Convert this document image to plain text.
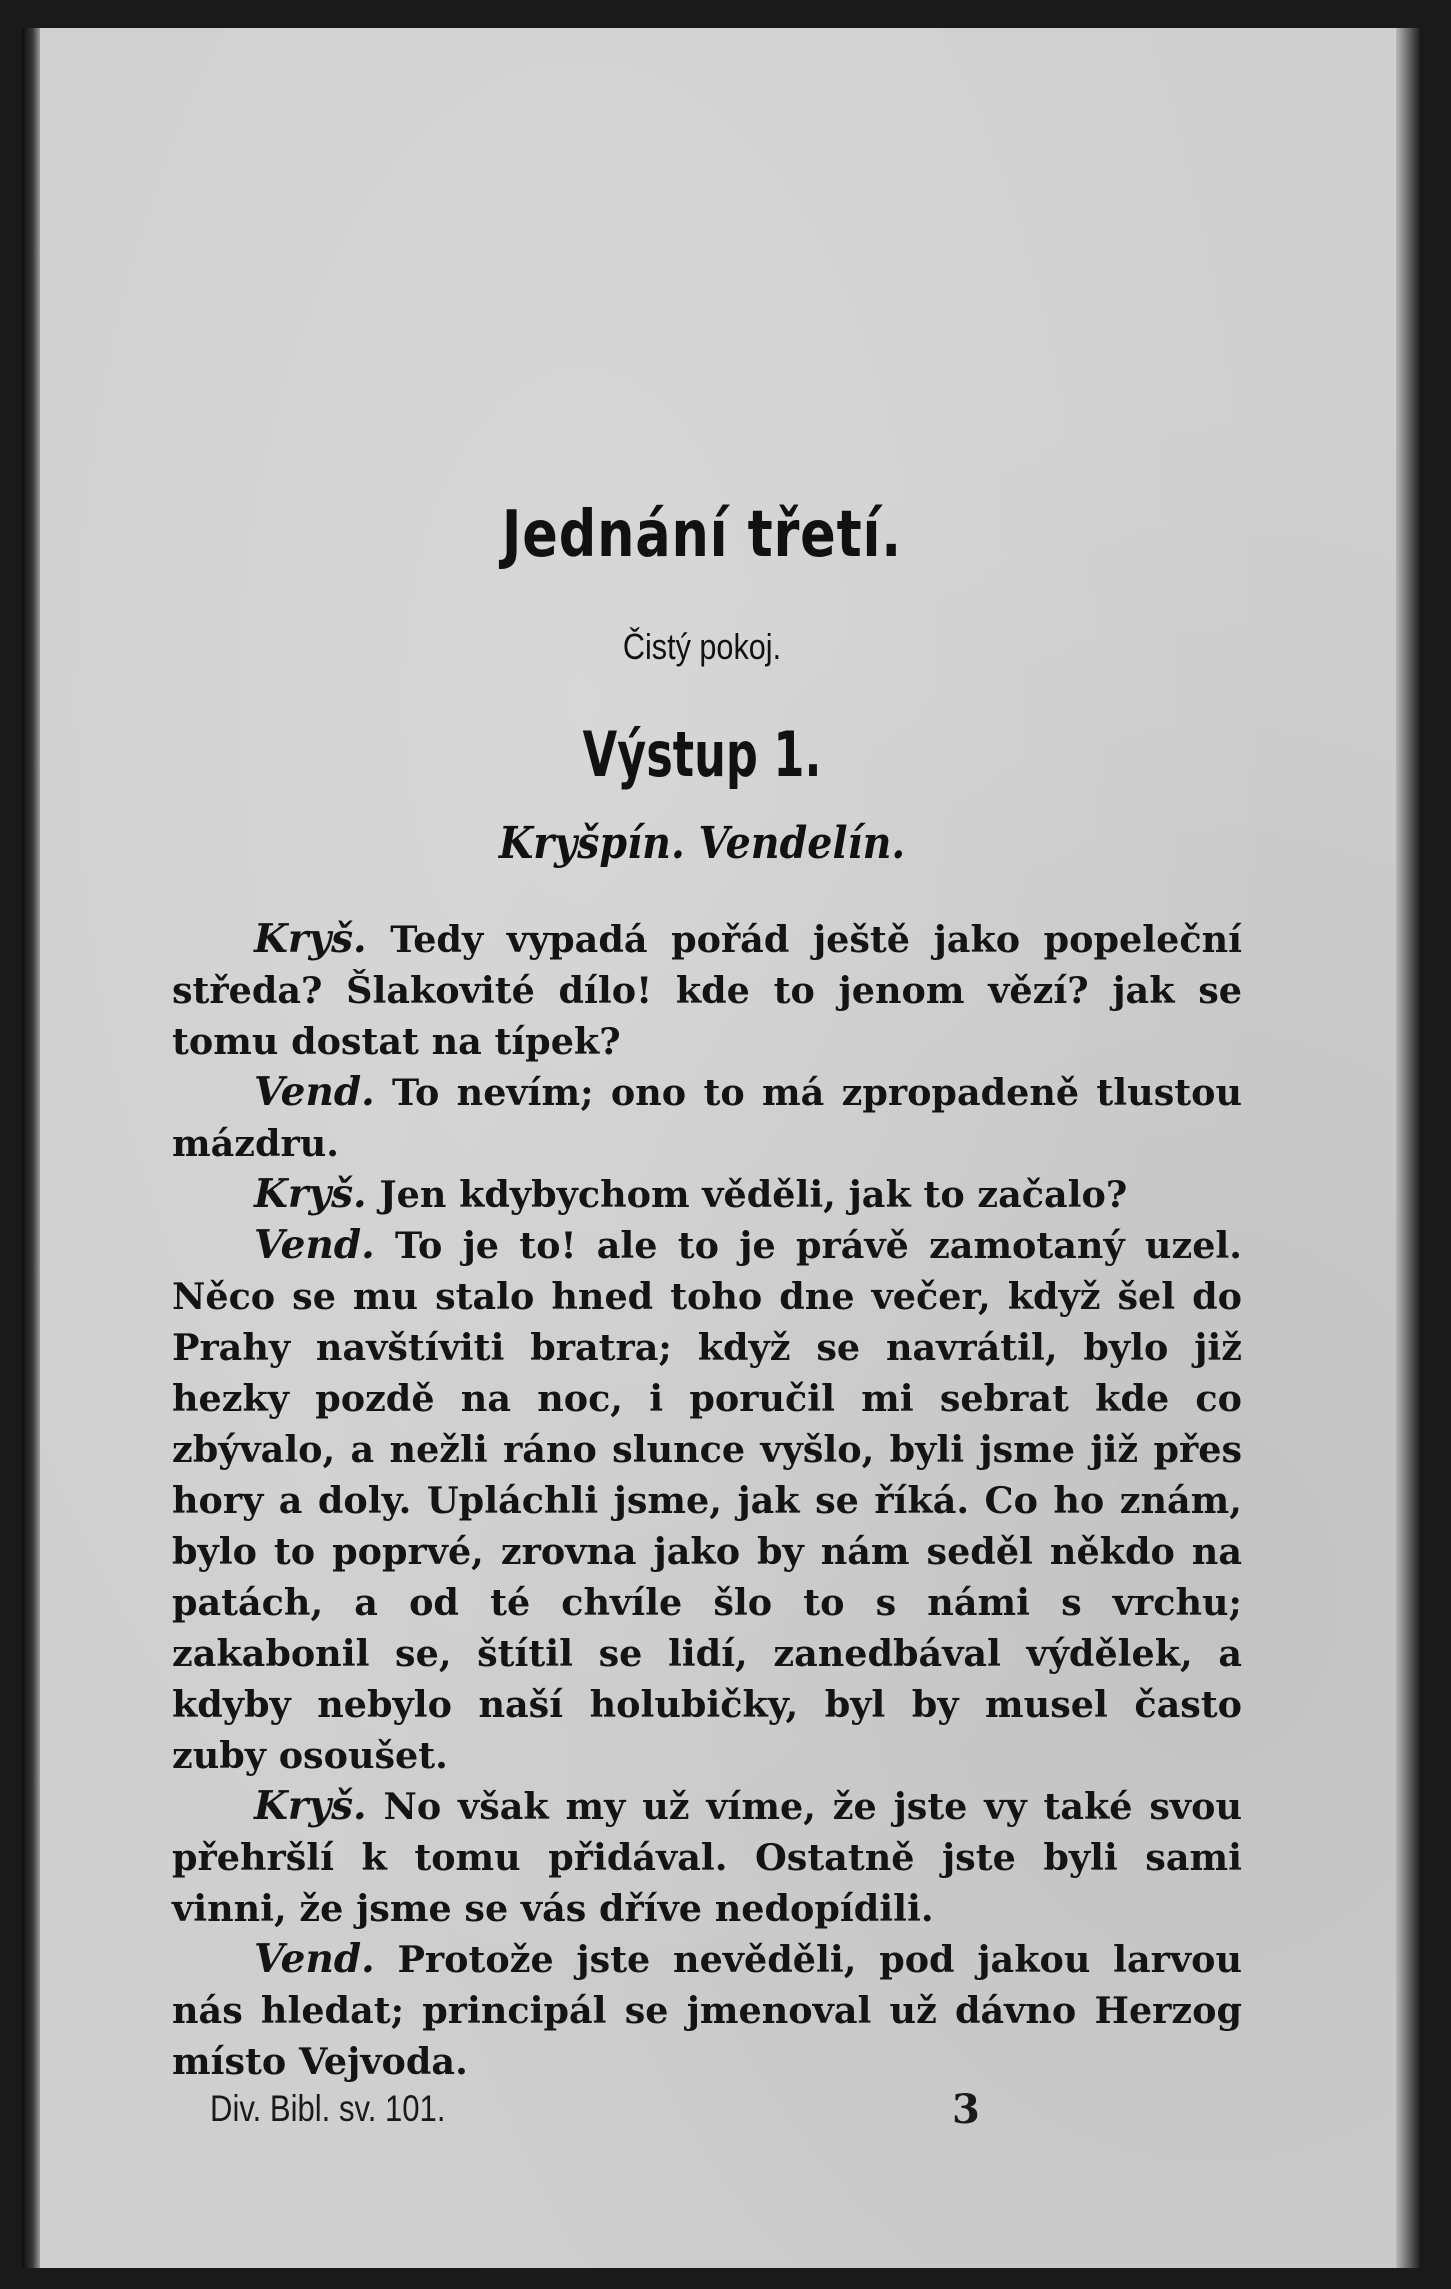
Jednání třetí.
Čistý pokoj.
Výstup 1.
Kryšpín. Vendelín.

Kryš. Tedy vypadá pořád ještě jako popeleční středa? Šlakovité dílo! kde to jenom vězí? jak se tomu dostat na típek?

Vend. To nevím; ono to má zpropadeně tlustou mázdru.

Kryš. Jen kdybychom věděli, jak to začalo?

Vend. To je to! ale to je právě zamotaný uzel. Něco se mu stalo hned toho dne večer, když šel do Prahy navštíviti bratra; když se navrátil, bylo již hezky pozdě na noc, i poručil mi sebrat kde co zbývalo, a nežli ráno slunce vyšlo, byli jsme již přes hory a doly. Upláchli jsme, jak se říká. Co ho znám, bylo to poprvé, zrovna jako by nám seděl někdo na patách, a od té chvíle šlo to s námi s vrchu; zakabonil se, štítil se lidí, zanedbával výdělek, a kdyby nebylo naší holubičky, byl by musel často zuby osoušet.

Kryš. No však my už víme, že jste vy také svou přehršlí k tomu přidával. Ostatně jste byli sami vinni, že jsme se vás dříve nedopídili.

Vend. Protože jste nevěděli, pod jakou larvou nás hledat; principál se jmenoval už dávno Herzog místo Vejvoda.

Div. Bibl. sv. 101.	3
